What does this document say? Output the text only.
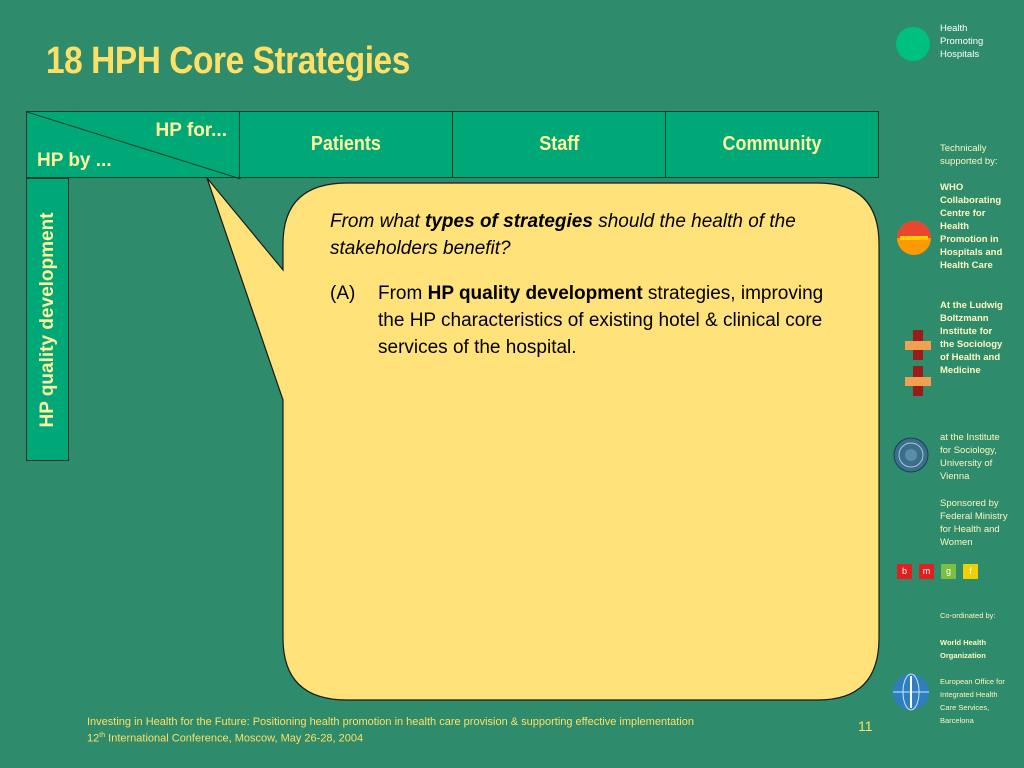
18 HPH Core Strategies
HP for...
HP by ...
Patients	Staff	Community
HP quality development	From what types of strategies should the health of the stakeholders benefit?

(A)	From HP quality development strategies, improving the HP characteristics of existing hotel & clinical core services of the hospital.
Health Promoting Hospitals
Technically supported by:
WHO Collaborating Centre for Health Promotion in Hospitals and Health Care
At the Ludwig Boltzmann Institute for the Sociology of Health and Medicine
at the Institute for Sociology, University of Vienna
Sponsored by Federal Ministry for Health and Women
b	m	g	f
Co-ordinated by:
World Health Organization
European Office for Integrated Health Care Services, Barcelona
Investing in Health for the Future: Positioning health promotion in health care provision & supporting effective implementation
12th International Conference, Moscow, May 26-28, 2004
11
